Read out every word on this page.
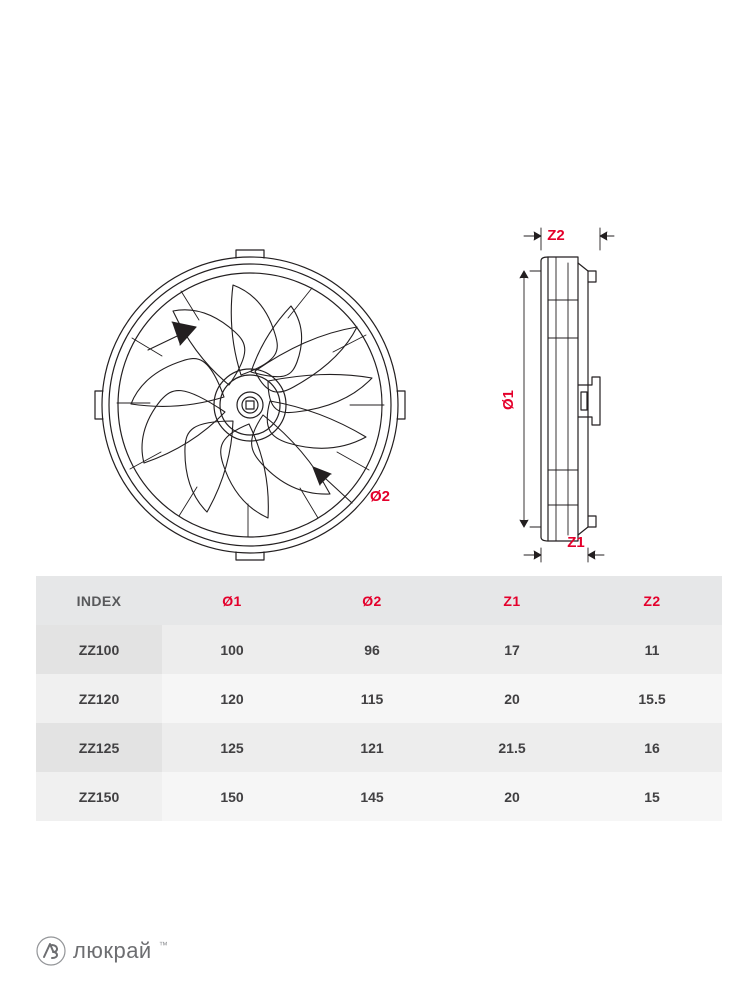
Ø2
Z2
Ø1
Z1
INDEX	Ø1	Ø2	Z1	Z2
ZZ100	100	96	17	11
ZZ120	120	115	20	15.5
ZZ125	125	121	21.5	16
ZZ150	150	145	20	15
люкрай ™
